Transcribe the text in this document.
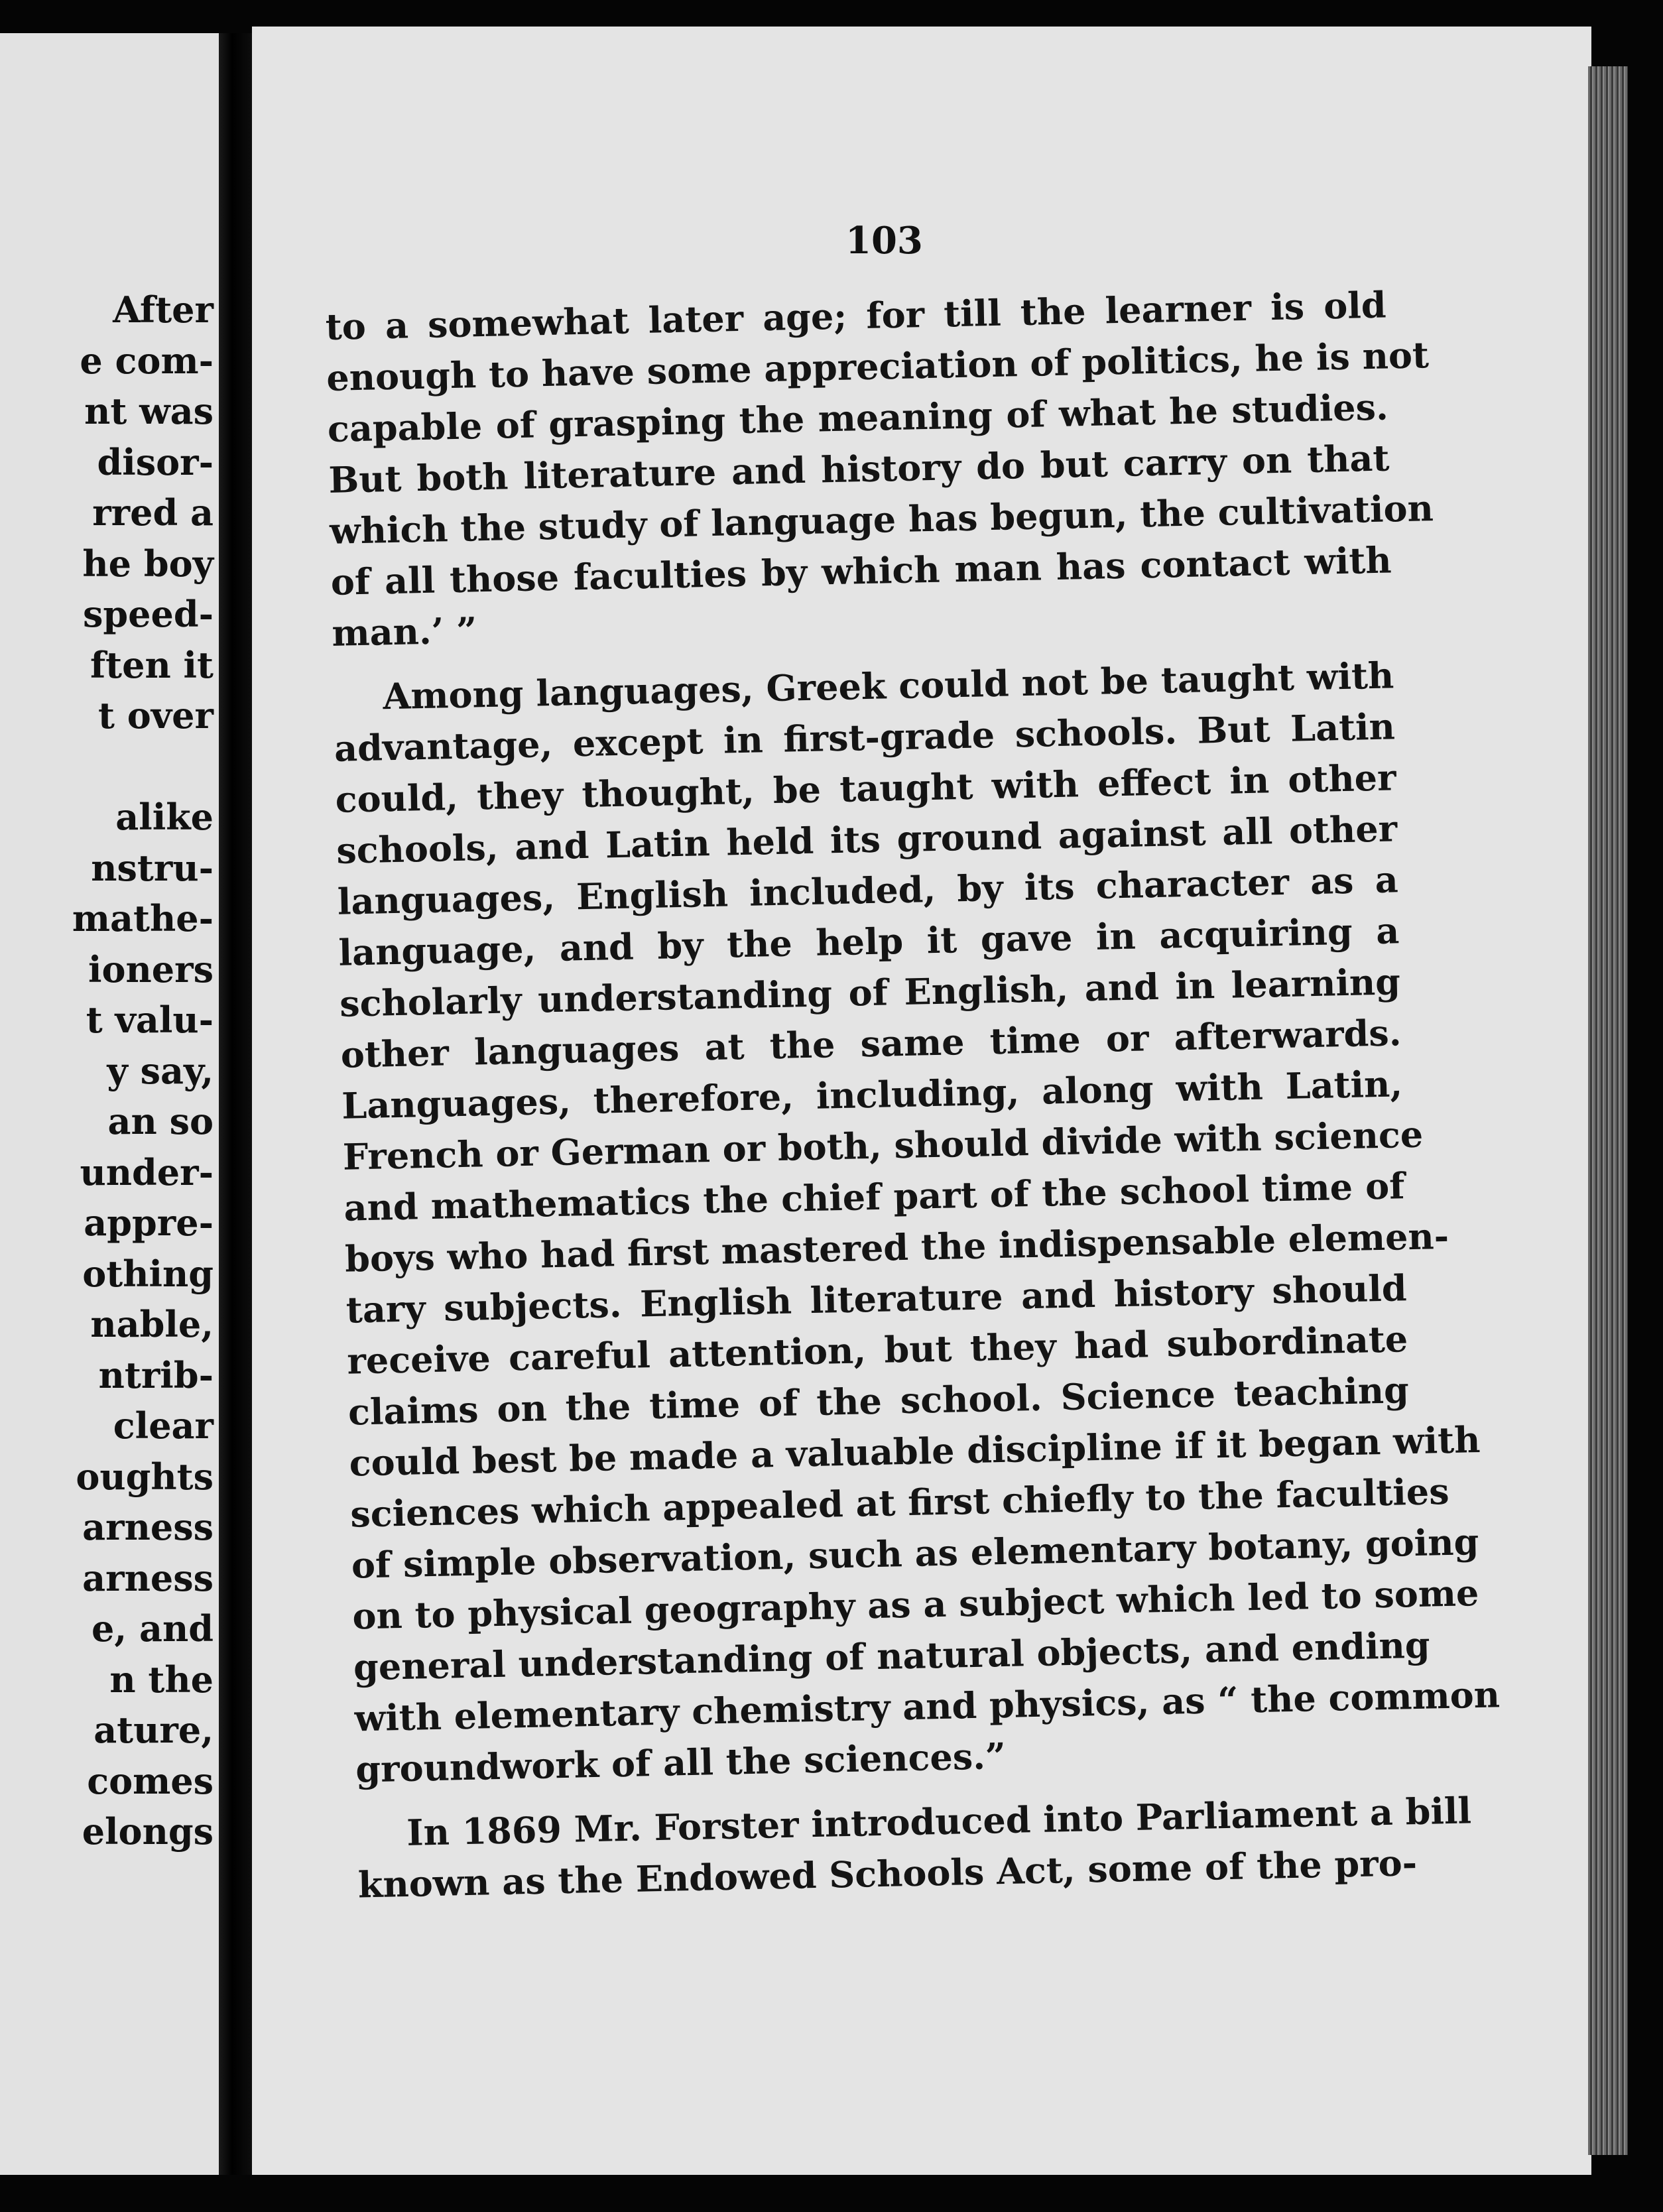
After
e com-
nt was
disor-
rred a
he boy
speed-
ften it
t over
alike
nstru-
mathe-
ioners
t valu-
y say,
an so
under-
appre-
othing
nable,
ntrib-
clear
oughts
arness
arness
e, and
n the
ature,
comes
elongs
103
to a somewhat later age; for till the learner is old
enough to have some appreciation of politics, he is not
capable of grasping the meaning of what he studies.
But both literature and history do but carry on that
which the study of language has begun, the cultivation
of all those faculties by which man has contact with
man.’ ”
Among languages, Greek could not be taught with
advantage, except in first-grade schools. But Latin
could, they thought, be taught with effect in other
schools, and Latin held its ground against all other
languages, English included, by its character as a
language, and by the help it gave in acquiring a
scholarly understanding of English, and in learning
other languages at the same time or afterwards.
Languages, therefore, including, along with Latin,
French or German or both, should divide with science
and mathematics the chief part of the school time of
boys who had first mastered the indispensable elemen-
tary subjects. English literature and history should
receive careful attention, but they had subordinate
claims on the time of the school. Science teaching
could best be made a valuable discipline if it began with
sciences which appealed at first chiefly to the faculties
of simple observation, such as elementary botany, going
on to physical geography as a subject which led to some
general understanding of natural objects, and ending
with elementary chemistry and physics, as “ the common
groundwork of all the sciences.”
In 1869 Mr. Forster introduced into Parliament a bill
known as the Endowed Schools Act, some of the pro-
